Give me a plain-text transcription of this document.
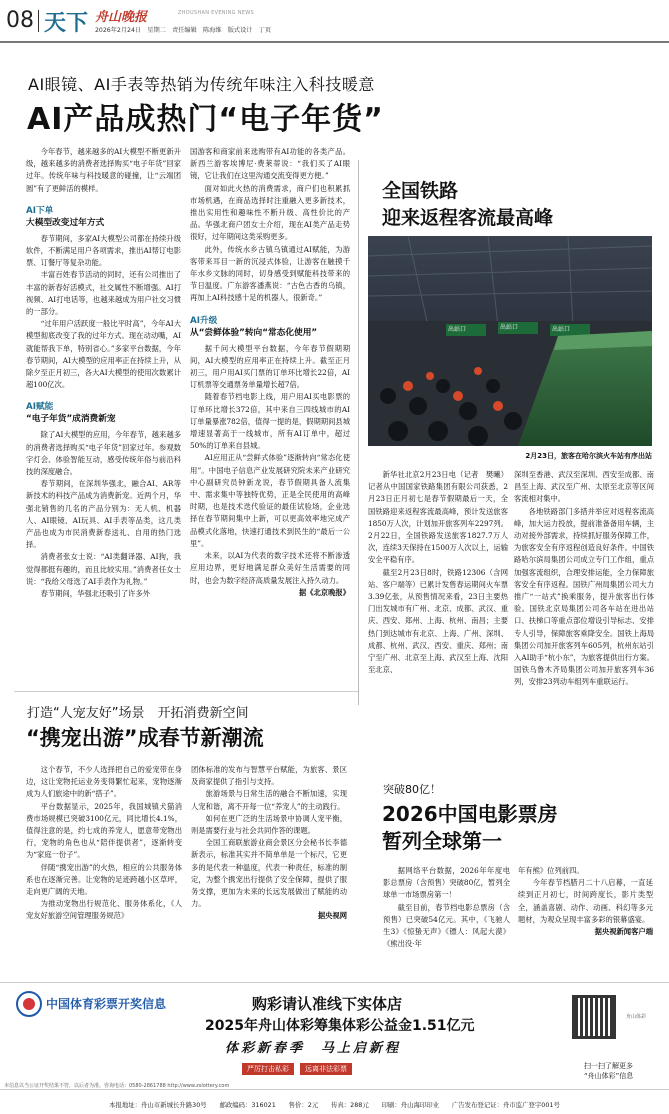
08 天下 舟山晚报	ZHOUSHAN EVENING NEWS
2026年2月24日　星期二　责任编辑　陈海维　版式设计　丁页
AI眼镜、AI手表等热销为传统年味注入科技暖意
AI产品成热门“电子年货”

今年春节，越来越多的AI大模型不断更新升级，越来越多的消费者选择购买“电子年货”回家过年。传统年味与科技暖意的碰撞，让“云端团圆”有了更鲜活的模样。

AI下单
大模型改变过年方式

春节期间，多家AI大模型公司都在持续升级软件，不断满足用户各项需求，推出AI帮订电影票、订餐厅等复杂功能。

丰富百姓春节活动的同时，还有公司推出了丰富的新春好活模式，社交属性不断增强。AI打视频、AI打电话等，也越来越成为用户社交习惯的一部分。

“过年用户活跃度一般比平时高”，今年AI大模型彻底改变了我的过年方式。现在动动嘴，AI就能帮我下单，特别省心。”多家平台数据，今年春节期间，AI大模型的应用率正在持续上升，从除夕至正月初三，各大AI大模型的使用次数累计超100亿次。

AI赋能
“电子年货”成消费新宠

除了AI大模型的应用，今年春节，越来越多的消费者选择购买“电子年货”回家过年。参观数字灯会、体验智能互动，感受传统年俗与前沿科技的深度融合。

春节期间，在深圳华强北，融合AI、AR等新技术的科技产品成为消费新宠。近两个月，华强北销售的几名的产品分别为：无人机、机器人、AI眼镜、AI玩具、AI手表等品类，这几类产品也成为市民消费新春送礼、自用的热门选择。

消费者张女士说：“AI类翻译器、AI狗，我觉得都挺有趣的，而且比较实用。”消费者任女士说：“我给父母选了AI手表作为礼物。”

春节期间，华强北还吸引了许多外

国游客和商家前来选购带有AI功能的各类产品。新西兰游客埃博尼·费莱蒂说：“我们买了AI眼镜，它让我们在这里沟通交流变得更方便。”

面对如此火热的消费需求，商户们也积累抓市场机遇，在商品选择时注重融入更多新技术，推出实用性和趣味性不断升级、高性价比的产品。华强北商户团女士介绍，现在AI类产品走势很好，过年期间这类采购更多。

此外，传统水乡古镇乌镇通过AI赋能，为游客带来耳目一新的沉浸式体验，让游客在触摸千年水乡文脉的同时，切身感受到赋能科技带来的节日温度。广东游客潘燕说：“古色古香的乌镇，再加上AI科技感十足的机器人，很新奇。”

AI升级
从“尝鲜体验”转向“常态化使用”

据千问大模型平台数据，今年春节假期期间，AI大模型的应用率正在持续上升。截至正月初三，用户用AI买门票的订单环比增长22倍，AI订机票等交通票务单量增长超7倍。

随着春节档电影上线，用户用AI买电影票的订单环比增长372倍，其中来自三四线城市的AI订单量暴涨782倍，值得一提的是，假期期间县城增速显著高于一线城市，所有AI订单中，超过50%的订单来自县城。

AI应用正从“尝鲜式体验”逐渐转向“常态化使用”。中国电子信息产业发展研究院未来产业研究中心副研究员钟新龙说，春节假期具备人流集中、需求集中等独特优势，正是全民使用的高峰时期，也是技术迭代验证的最佳试验场，企业选择在春节期间集中上新，可以更高效率地完成产品模式化落地，快速打通技术到民生的“最后一公里”。

未来，以AI为代表的数字技术还将不断渗透应用边界，更好地满足群众美好生活需要的同时，也会为数字经济高质量发展注入持久动力。

据《北京晚报》

全国铁路
迎来返程客流最高峰
出站口	出站口	出站口
2月23日，旅客在哈尔滨火车站有序出站

新华社北京2月23日电（记者　樊曦）记者从中国国家铁路集团有限公司获悉，2月23日正月初七是春节假期最后一天，全国铁路迎来返程客流最高峰，预计发送旅客1850万人次，计划加开旅客列车2297列。2月22日，全国铁路发送旅客1827.7万人次，连续3天保持在1500万人次以上，运输安全平稳有序。

截至2月23日8时，铁路12306（含网站、客户端等）已累计发售春运期间火车票3.39亿张，从预售情况来看，23日主要热门出发城市有广州、北京、成都、武汉、重庆、西安、郑州、上海、杭州、南昌；主要热门到达城市有北京、上海、广州、深圳、成都、杭州、武汉、西安、重庆、郑州；南宁至广州、北京至上海、武汉至上海、沈阳至北京、

深圳至香港、武汉至深圳、西安至成都、南昌至上海、武汉至广州、太原至北京等区间客流相对集中。

各地铁路部门多措并举应对返程客流高峰，加大运力投放，提前准备备用车辆，主动对接外部需求，持续抓好服务保障工作，为旅客安全有序返程创造良好条件。中国铁路哈尔滨局集团公司成立专门工作组，重点加强客流组织，合理安排运能，全力保障旅客安全有序返程。国铁广州局集团公司大力推广“一站式”换乘服务，提升旅客出行体验。国铁北京局集团公司各车站在进出站口、扶梯口等重点部位增设引导标志、安排专人引导，保障旅客乘降安全。国铁上海局集团公司加开旅客列车605列，杭州东站引入AI助手“杭小东”，为旅客提供出行方案。国铁乌鲁木齐局集团公司加开旅客列车36列，安排23列动车组列车重联运行。

打造“人宠友好”场景　开拓消费新空间
“携宠出游”成春节新潮流

这个春节，不少人选择把自己的爱宠带在身边，这让宠物托运业务变得繁忙起来，宠物逐渐成为人们旅途中的新“搭子”。

平台数据显示，2025年，我国城镇犬猫消费市场规模已突破3100亿元，同比增长4.1%，值得注意的是，约七成的养宠人，愿意带宠物出行，宠物的角色也从“陪伴提供者”，逐渐转变为“家庭一份子”。

伴随“携宠出游”的火热，相应的公共服务体系也在逐渐完善。让宠物的足迹跨越小区草坪，走向更广阔的天地。

为推动宠物出行规范化、服务体系化，《人宠友好旅游空间管理服务规范》

团体标准的发布与智慧平台赋能，为旅客、景区及商家提供了指引与支持。

旅游场景与日常生活的融合不断加速，实现人宠和谐，离不开每一位“养宠人”的主动践行。

如何在更广泛的生活场景中协调人宠平衡，则是需要行业与社会共同作答的课题。

全国工商联旅游业商会景区分会秘书长李德新表示，标准其实并不简单单是一个标尺，它更多的是代表一种温度，代表一种责任，标准的制定，为整个携宠出行提供了安全保障，提供了服务支撑，更加为未来的长远发展做出了赋能的动力。

据央视网

突破80亿！
2026中国电影票房
暂列全球第一

据网络平台数据，2026年年度电影总票房（含预售）突破80亿，暂列全球单一市场票房第一！

截至目前，春节档电影总票房（含预售）已突破54亿元。其中，《飞驰人生3》《惊蛰无声》《镖人：风起大漠》《熊出没·年

年有熊》位列前四。

今年春节档腊月二十八启幕，一直延续到正月初七，时间跨度长，影片类型全，涵盖喜剧、动作、动画、科幻等多元题材，为观众呈现丰富多彩的银幕盛宴。

据央视新闻客户端

中国体育彩票开奖信息	购彩请认准线下实体店
2025年舟山体彩筹集体彩公益金1.51亿元
体彩新春季　马上启新程
严厉打击私彩	远离非法彩票
本信息以当公证开奖结果不符，以后者为准。咨询电话：0580-2861788 http://www.zslottery.com
舟山体彩
扫一扫了解更多
“舟山体彩”信息
本报地址：舟山市新城长升路30号　　邮政编码：316021　　售价：2元　　传真：288元　　印刷：舟山海印印业　　广告发布登记证：舟市监广登字001号
